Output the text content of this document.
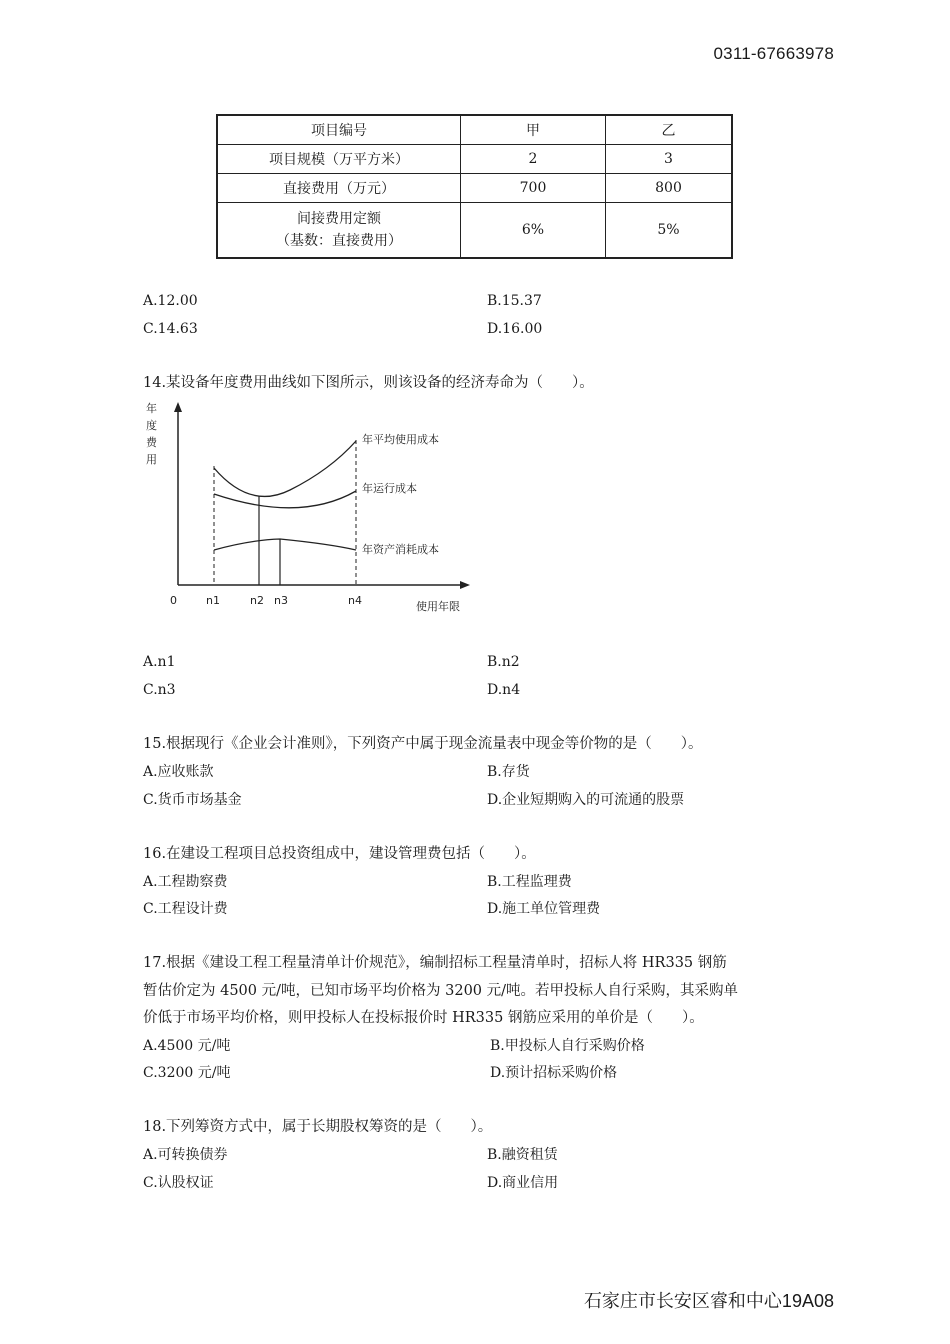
0311-67663978
项目编号	甲	乙
项目规模（万平方米）	2	3
直接费用（万元）	700	800

间接费用定额
（基数：直接费用）	6%	5%
A.12.00	B.15.37
C.14.63	D.16.00
14.某设备年度费用曲线如下图所示，则该设备的经济寿命为（　　）。
年
度
费
用
年平均使用成本
年运行成本
年资产消耗成本
0	n1	n2 n3	n4	使用年限
A.n1	B.n2
C.n3	D.n4
15.根据现行《企业会计准则》，下列资产中属于现金流量表中现金等价物的是（　　）。
A.应收账款	B.存货
C.货币市场基金	D.企业短期购入的可流通的股票
16.在建设工程项目总投资组成中，建设管理费包括（　　）。
A.工程勘察费	B.工程监理费
C.工程设计费	D.施工单位管理费
17.根据《建设工程工程量清单计价规范》，编制招标工程量清单时，招标人将 HR335 钢筋
暂估价定为 4500 元/吨，已知市场平均价格为 3200 元/吨。若甲投标人自行采购，其采购单
价低于市场平均价格，则甲投标人在投标报价时 HR335 钢筋应采用的单价是（　　）。
A.4500 元/吨	B.甲投标人自行采购价格
C.3200 元/吨	D.预计招标采购价格
18.下列筹资方式中，属于长期股权筹资的是（　　）。
A.可转换债券	B.融资租赁
C.认股权证	D.商业信用
石家庄市长安区睿和中心19A08
